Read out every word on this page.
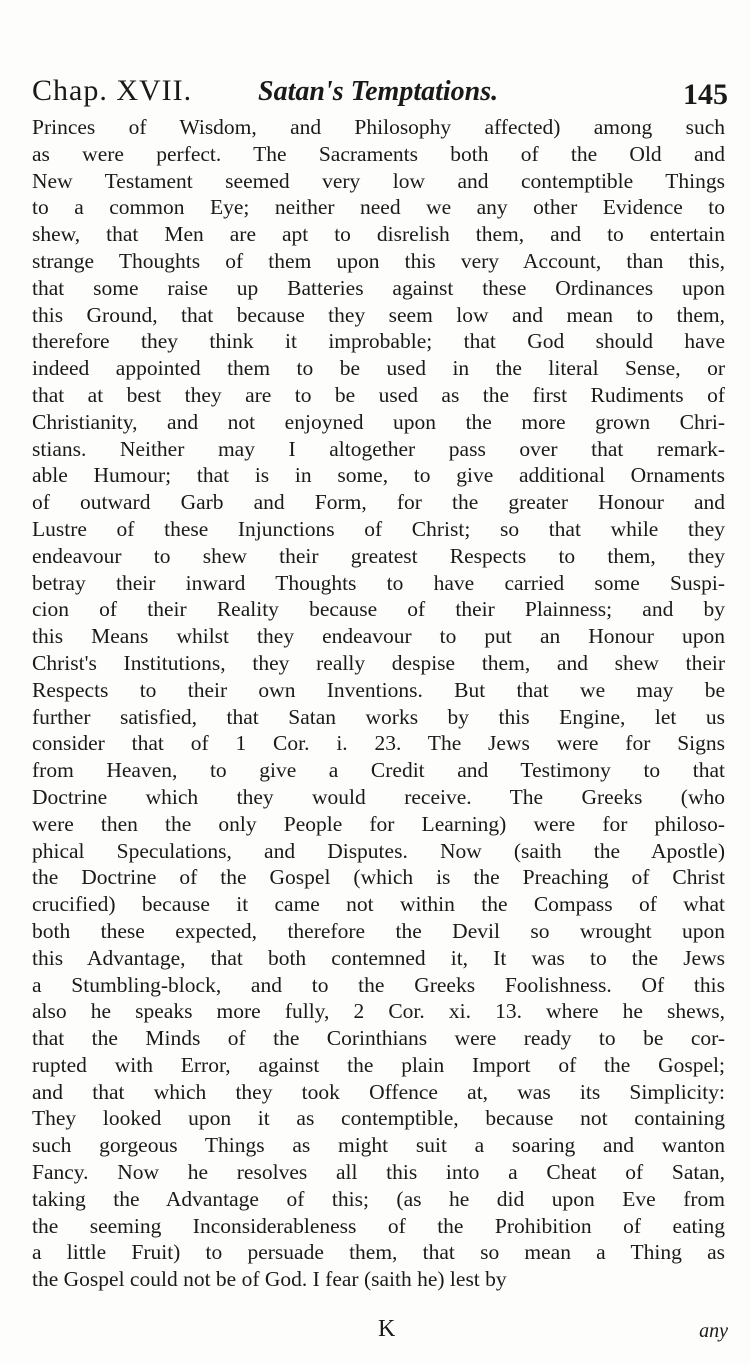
Chap. XVII. Satan's Temptations.	145
Princes of Wisdom, and Philosophy affected) among such
as were perfect. The Sacraments both of the Old and
New Testament seemed very low and contemptible Things
to a common Eye; neither need we any other Evidence to
shew, that Men are apt to disrelish them, and to entertain
strange Thoughts of them upon this very Account, than this,
that some raise up Batteries against these Ordinances upon
this Ground, that because they seem low and mean to them,
therefore they think it improbable; that God should have
indeed appointed them to be used in the literal Sense, or
that at best they are to be used as the first Rudiments of
Christianity, and not enjoyned upon the more grown Chri-
stians. Neither may I altogether pass over that remark-
able Humour; that is in some, to give additional Ornaments
of outward Garb and Form, for the greater Honour and
Lustre of these Injunctions of Christ; so that while they
endeavour to shew their greatest Respects to them, they
betray their inward Thoughts to have carried some Suspi-
cion of their Reality because of their Plainness; and by
this Means whilst they endeavour to put an Honour upon
Christ's Institutions, they really despise them, and shew their
Respects to their own Inventions. But that we may be
further satisfied, that Satan works by this Engine, let us
consider that of 1 Cor. i. 23. The Jews were for Signs
from Heaven, to give a Credit and Testimony to that
Doctrine which they would receive. The Greeks (who
were then the only People for Learning) were for philoso-
phical Speculations, and Disputes. Now (saith the Apostle)
the Doctrine of the Gospel (which is the Preaching of Christ
crucified) because it came not within the Compass of what
both these expected, therefore the Devil so wrought upon
this Advantage, that both contemned it, It was to the Jews
a Stumbling-block, and to the Greeks Foolishness. Of this
also he speaks more fully, 2 Cor. xi. 13. where he shews,
that the Minds of the Corinthians were ready to be cor-
rupted with Error, against the plain Import of the Gospel;
and that which they took Offence at, was its Simplicity:
They looked upon it as contemptible, because not containing
such gorgeous Things as might suit a soaring and wanton
Fancy. Now he resolves all this into a Cheat of Satan,
taking the Advantage of this; (as he did upon Eve from
the seeming Inconsiderableness of the Prohibition of eating
a little Fruit) to persuade them, that so mean a Thing as
the Gospel could not be of God. I fear (saith he) lest by
K	any
